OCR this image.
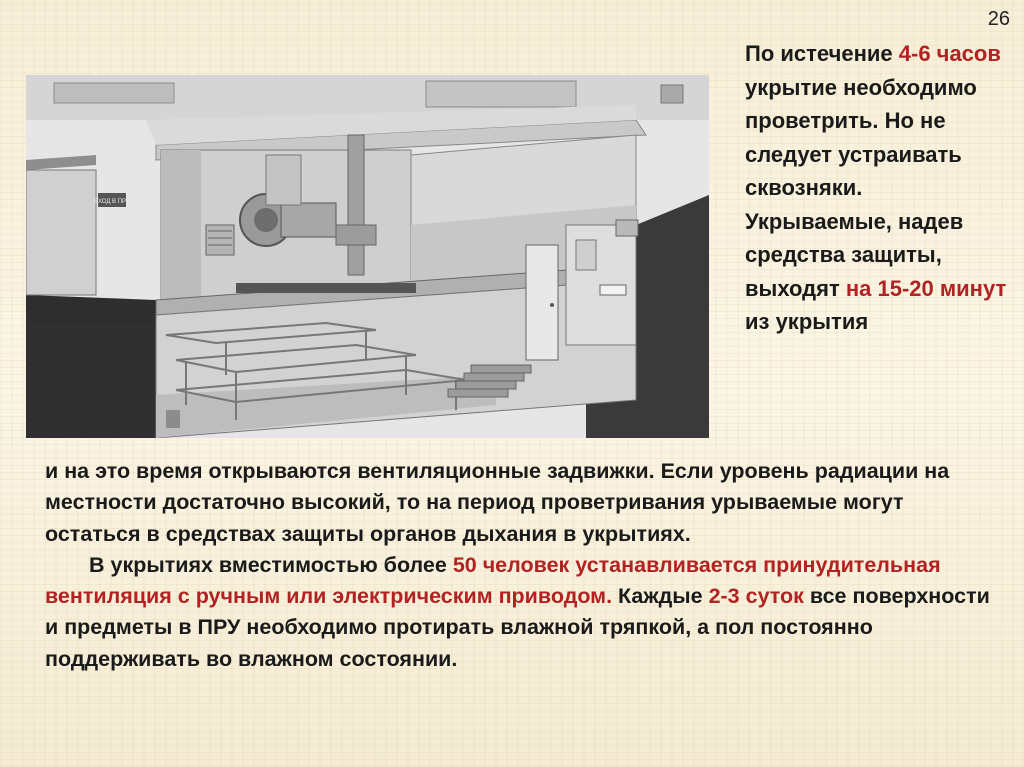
26
ВХОД В ПРУ
По истечение 4-6 часов укрытие необходимо проветрить. Но не следует устраивать сквозняки. Укрываемые, надев средства защиты, выходят на 15-20 минут из укрытия
и на это время открываются вентиляционные задвижки. Если уровень радиации на местности достаточно высокий, то на период проветривания урываемые могут остаться в средствах защиты органов дыхания в укрытиях.
В укрытиях вместимостью более 50 человек устанавливается принудительная вентиляция с ручным или электрическим приводом. Каждые 2-3 суток все поверхности и предметы в ПРУ необходимо протирать влажной тряпкой, а пол постоянно поддерживать во влажном состоянии.
